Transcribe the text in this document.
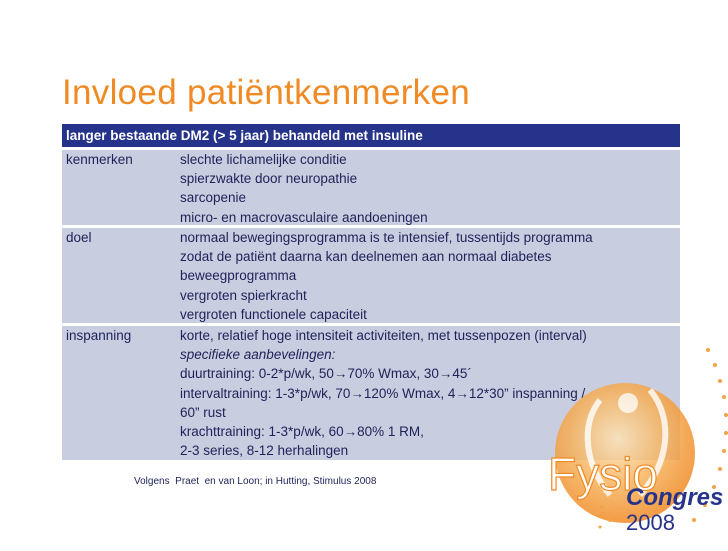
Invloed patiëntkenmerken
langer bestaande DM2 (> 5 jaar) behandeld met insuline
kenmerken	slechte lichamelijke conditie
spierzwakte door neuropathie
sarcopenie
micro- en macrovasculaire aandoeningen
doel	normaal bewegingsprogramma is te intensief, tussentijds programma
zodat de patiënt daarna kan deelnemen aan normaal diabetes
beweegprogramma
vergroten spierkracht
vergroten functionele capaciteit
inspanning	korte, relatief hoge intensiteit activiteiten, met tussenpozen (interval)
specifieke aanbevelingen:
duurtraining: 0-2*p/wk, 50→70% Wmax, 30→45´
intervaltraining: 1-3*p/wk, 70→120% Wmax, 4→12*30” inspanning /
60” rust
krachttraining: 1-3*p/wk, 60→80% 1 RM,
2-3 series, 8-12 herhalingen
Volgens  Praet  en van Loon; in Hutting, Stimulus 2008	Fysio
Congres
2008
